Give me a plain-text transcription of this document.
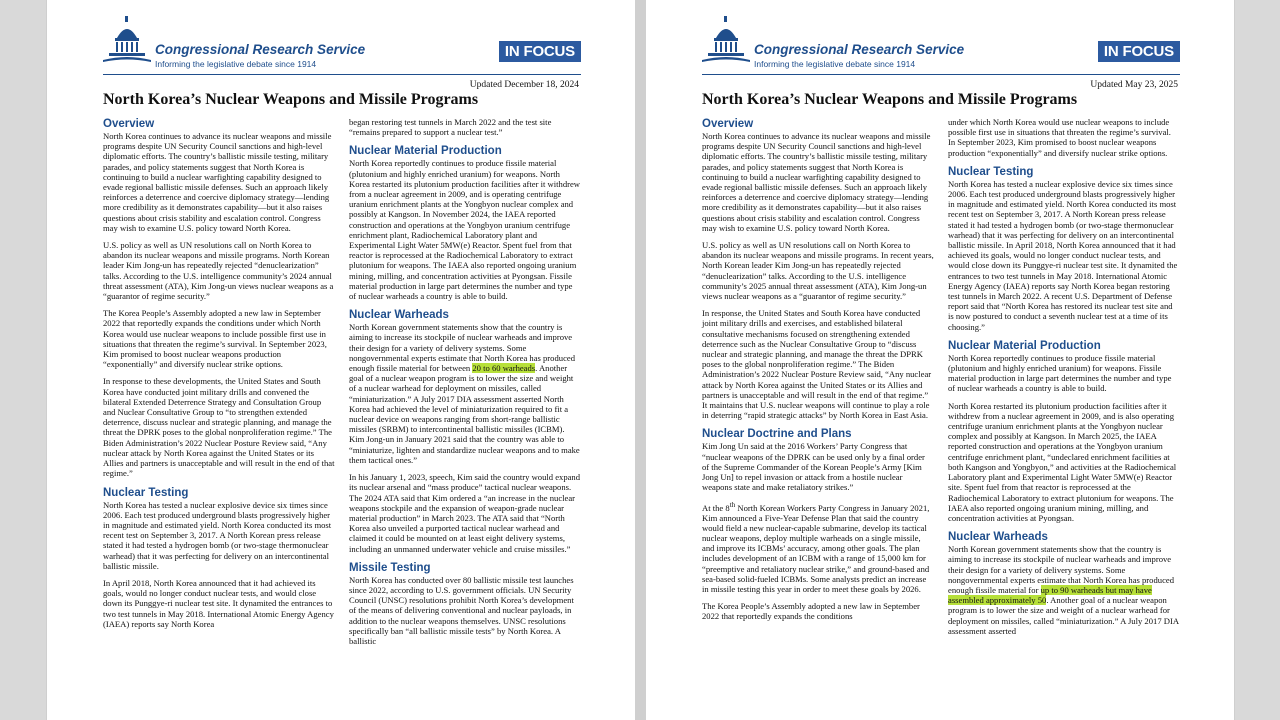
Congressional Research Service
Informing the legislative debate since 1914
IN FOCUS
Updated December 18, 2024
North Korea’s Nuclear Weapons and Missile Programs
Overview

North Korea continues to advance its nuclear weapons and missile programs despite UN Security Council sanctions and high-level diplomatic efforts. The country’s ballistic missile testing, military parades, and policy statements suggest that North Korea is continuing to build a nuclear warfighting capability designed to evade regional ballistic missile defenses. Such an approach likely reinforces a deterrence and coercive diplomacy strategy—lending more credibility as it demonstrates capability—but it also raises questions about crisis stability and escalation control. Congress may wish to examine U.S. policy toward North Korea.

U.S. policy as well as UN resolutions call on North Korea to abandon its nuclear weapons and missile programs. North Korean leader Kim Jong-un has repeatedly rejected “denuclearization” talks. According to the U.S. intelligence community’s 2024 annual threat assessment (ATA), Kim Jong-un views nuclear weapons as a “guarantor of regime security.”

The Korea People’s Assembly adopted a new law in September 2022 that reportedly expands the conditions under which North Korea would use nuclear weapons to include possible first use in situations that threaten the regime’s survival. In September 2023, Kim promised to boost nuclear weapons production “exponentially” and diversify nuclear strike options.

In response to these developments, the United States and South Korea have conducted joint military drills and convened the bilateral Extended Deterrence Strategy and Consultation Group and Nuclear Consultative Group to “to strengthen extended deterrence, discuss nuclear and strategic planning, and manage the threat the DPRK poses to the global nonproliferation regime.” The Biden Administration’s 2022 Nuclear Posture Review said, “Any nuclear attack by North Korea against the United States or its Allies and partners is unacceptable and will result in the end of that regime.”

Nuclear Testing

North Korea has tested a nuclear explosive device six times since 2006. Each test produced underground blasts progressively higher in magnitude and estimated yield. North Korea conducted its most recent test on September 3, 2017. A North Korean press release stated it had tested a hydrogen bomb (or two-stage thermonuclear warhead) that it was perfecting for delivery on an intercontinental ballistic missile.

In April 2018, North Korea announced that it had achieved its goals, would no longer conduct nuclear tests, and would close down its Punggye-ri nuclear test site. It dynamited the entrances to two test tunnels in May 2018. International Atomic Energy Agency (IAEA) reports say North Korea

began restoring test tunnels in March 2022 and the test site “remains prepared to support a nuclear test.”

Nuclear Material Production

North Korea reportedly continues to produce fissile material (plutonium and highly enriched uranium) for weapons. North Korea restarted its plutonium production facilities after it withdrew from a nuclear agreement in 2009, and is operating centrifuge uranium enrichment plants at the Yongbyon nuclear complex and possibly at Kangson. In November 2024, the IAEA reported construction and operations at the Yongbyon uranium centrifuge enrichment plant, Radiochemical Laboratory plant and Experimental Light Water 5MW(e) Reactor. Spent fuel from that reactor is reprocessed at the Radiochemical Laboratory to extract plutonium for weapons. The IAEA also reported ongoing uranium mining, milling, and concentration activities at Pyongsan. Fissile material production in large part determines the number and type of nuclear warheads a country is able to build.

Nuclear Warheads

North Korean government statements show that the country is aiming to increase its stockpile of nuclear warheads and improve their design for a variety of delivery systems. Some nongovernmental experts estimate that North Korea has produced enough fissile material for between 20 to 60 warheads. Another goal of a nuclear weapon program is to lower the size and weight of a nuclear warhead for deployment on missiles, called “miniaturization.” A July 2017 DIA assessment asserted North Korea had achieved the level of miniaturization required to fit a nuclear device on weapons ranging from short-range ballistic missiles (SRBM) to intercontinental ballistic missiles (ICBM). Kim Jong-un in January 2021 said that the country was able to “miniaturize, lighten and standardize nuclear weapons and to make them tactical ones.”

In his January 1, 2023, speech, Kim said the country would expand its nuclear arsenal and “mass produce” tactical nuclear weapons. The 2024 ATA said that Kim ordered a “an increase in the nuclear weapons stockpile and the expansion of weapon-grade nuclear material production” in March 2023. The ATA said that “North Korea also unveiled a purported tactical nuclear warhead and claimed it could be mounted on at least eight delivery systems, including an unmanned underwater vehicle and cruise missiles.”

Missile Testing

North Korea has conducted over 80 ballistic missile test launches since 2022, according to U.S. government officials. UN Security Council (UNSC) resolutions prohibit North Korea’s development of the means of delivering conventional and nuclear payloads, in addition to the nuclear weapons themselves. UNSC resolutions specifically ban “all ballistic missile tests” by North Korea. A ballistic

Congressional Research Service
Informing the legislative debate since 1914
IN FOCUS
Updated May 23, 2025
North Korea’s Nuclear Weapons and Missile Programs
Overview

North Korea continues to advance its nuclear weapons and missile programs despite UN Security Council sanctions and high-level diplomatic efforts. The country’s ballistic missile testing, military parades, and policy statements suggest that North Korea is continuing to build a nuclear warfighting capability designed to evade regional ballistic missile defenses. Such an approach likely reinforces a deterrence and coercive diplomacy strategy—lending more credibility as it demonstrates capability—but it also raises questions about crisis stability and escalation control. Congress may wish to examine U.S. policy toward North Korea.

U.S. policy as well as UN resolutions call on North Korea to abandon its nuclear weapons and missile programs. In recent years, North Korean leader Kim Jong-un has repeatedly rejected “denuclearization” talks. According to the U.S. intelligence community’s 2025 annual threat assessment (ATA), Kim Jong-un views nuclear weapons as a “guarantor of regime security.”

In response, the United States and South Korea have conducted joint military drills and exercises, and established bilateral consultative mechanisms focused on strengthening extended deterrence such as the Nuclear Consultative Group to “discuss nuclear and strategic planning, and manage the threat the DPRK poses to the global nonproliferation regime.” The Biden Administration’s 2022 Nuclear Posture Review said, “Any nuclear attack by North Korea against the United States or its Allies and partners is unacceptable and will result in the end of that regime.” It maintains that U.S. nuclear weapons will continue to play a role in deterring “rapid strategic attacks” by North Korea in East Asia.

Nuclear Doctrine and Plans

Kim Jong Un said at the 2016 Workers’ Party Congress that “nuclear weapons of the DPRK can be used only by a final order of the Supreme Commander of the Korean People’s Army [Kim Jong Un] to repel invasion or attack from a hostile nuclear weapons state and make retaliatory strikes.”

At the 8th North Korean Workers Party Congress in January 2021, Kim announced a Five-Year Defense Plan that said the country would field a new nuclear-capable submarine, develop its tactical nuclear weapons, deploy multiple warheads on a single missile, and improve its ICBMs’ accuracy, among other goals. The plan includes development of an ICBM with a range of 15,000 km for “preemptive and retaliatory nuclear strike,” and ground-based and sea-based solid-fueled ICBMs. Some analysts predict an increase in missile testing this year in order to meet these goals by 2026.

The Korea People’s Assembly adopted a new law in September 2022 that reportedly expands the conditions

under which North Korea would use nuclear weapons to include possible first use in situations that threaten the regime’s survival. In September 2023, Kim promised to boost nuclear weapons production “exponentially” and diversify nuclear strike options.

Nuclear Testing

North Korea has tested a nuclear explosive device six times since 2006. Each test produced underground blasts progressively higher in magnitude and estimated yield. North Korea conducted its most recent test on September 3, 2017. A North Korean press release stated it had tested a hydrogen bomb (or two-stage thermonuclear warhead) that it was perfecting for delivery on an intercontinental ballistic missile. In April 2018, North Korea announced that it had achieved its goals, would no longer conduct nuclear tests, and would close down its Punggye-ri nuclear test site. It dynamited the entrances to two test tunnels in May 2018. International Atomic Energy Agency (IAEA) reports say North Korea began restoring test tunnels in March 2022. A recent U.S. Department of Defense report said that “North Korea has restored its nuclear test site and is now postured to conduct a seventh nuclear test at a time of its choosing.”

Nuclear Material Production

North Korea reportedly continues to produce fissile material (plutonium and highly enriched uranium) for weapons. Fissile material production in large part determines the number and type of nuclear warheads a country is able to build.

North Korea restarted its plutonium production facilities after it withdrew from a nuclear agreement in 2009, and is also operating centrifuge uranium enrichment plants at the Yongbyon nuclear complex and possibly at Kangson. In March 2025, the IAEA reported construction and operations at the Yongbyon uranium centrifuge enrichment plant, “undeclared enrichment facilities at both Kangson and Yongbyon,” and activities at the Radiochemical Laboratory plant and Experimental Light Water 5MW(e) Reactor site. Spent fuel from that reactor is reprocessed at the Radiochemical Laboratory to extract plutonium for weapons. The IAEA also reported ongoing uranium mining, milling, and concentration activities at Pyongsan.

Nuclear Warheads

North Korean government statements show that the country is aiming to increase its stockpile of nuclear warheads and improve their design for a variety of delivery systems. Some nongovernmental experts estimate that North Korea has produced enough fissile material for up to 90 warheads but may have assembled approximately 50. Another goal of a nuclear weapon program is to lower the size and weight of a nuclear warhead for deployment on missiles, called “miniaturization.” A July 2017 DIA assessment asserted
